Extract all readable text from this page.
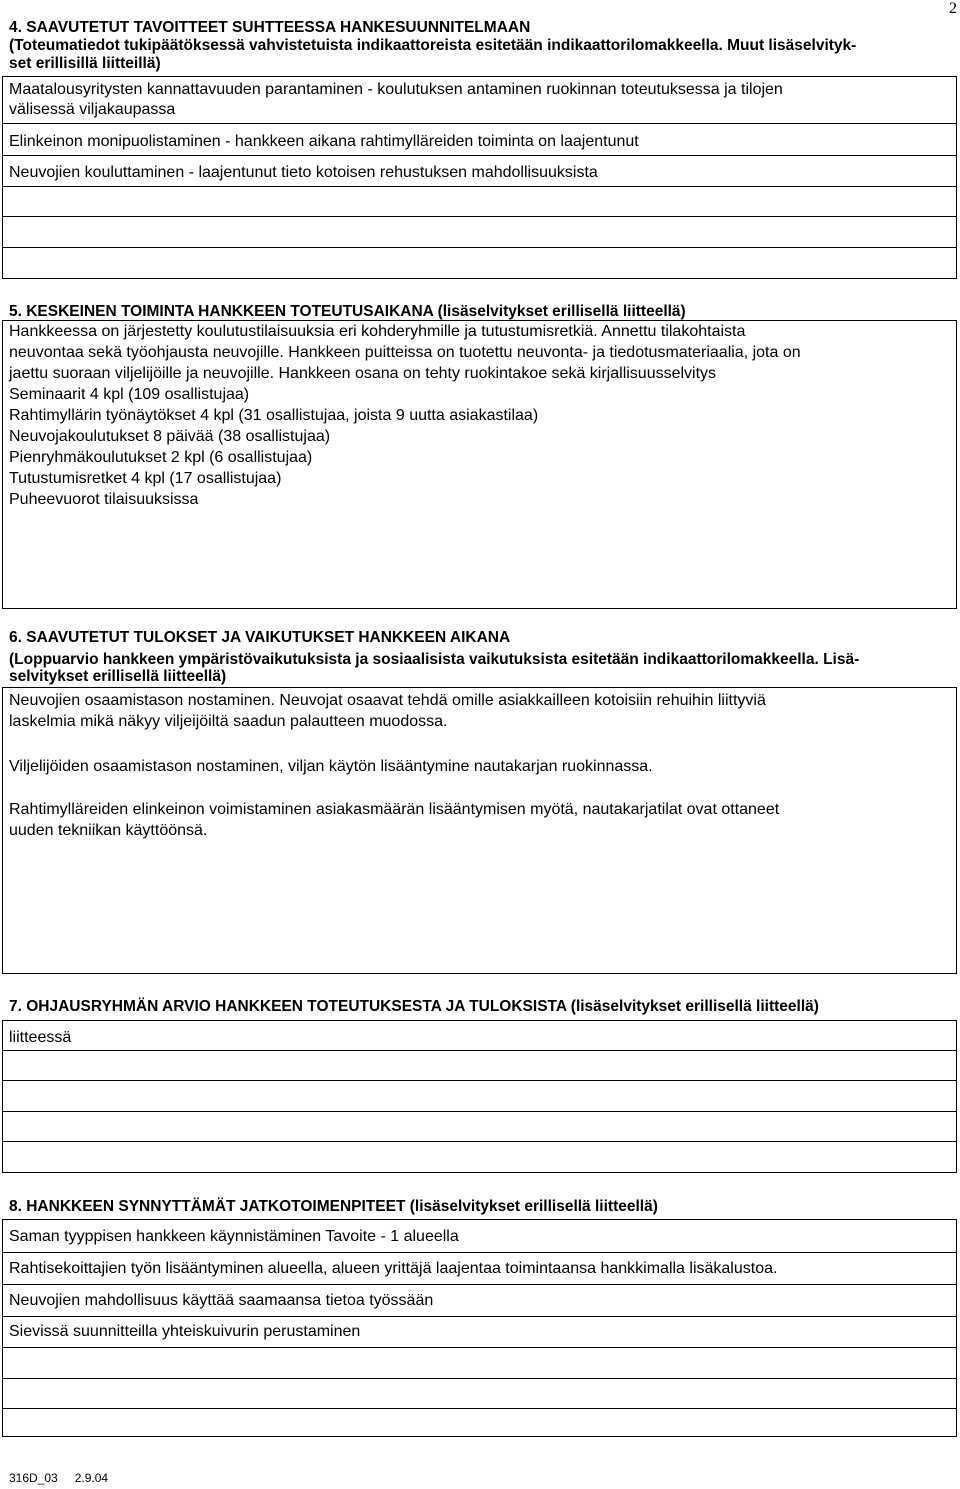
2
4. SAAVUTETUT TAVOITTEET SUHTTEESSA HANKESUUNNITELMAAN
(Toteumatiedot tukipäätöksessä vahvistetuista indikaattoreista esitetään indikaattorilomakkeella. Muut lisäselvityk-
set erillisillä liitteillä)
Maatalousyritysten kannattavuuden parantaminen - koulutuksen antaminen ruokinnan toteutuksessa ja tilojen
välisessä viljakaupassa
Elinkeinon monipuolistaminen - hankkeen aikana rahtimylläreiden toiminta on laajentunut
Neuvojien kouluttaminen - laajentunut tieto kotoisen rehustuksen mahdollisuuksista
5. KESKEINEN TOIMINTA HANKKEEN TOTEUTUSAIKANA (lisäselvitykset erillisellä liitteellä)
Hankkeessa on järjestetty koulutustilaisuuksia eri kohderyhmille ja tutustumisretkiä. Annettu tilakohtaista
neuvontaa sekä työohjausta neuvojille. Hankkeen puitteissa on tuotettu neuvonta- ja tiedotusmateriaalia, jota on
jaettu suoraan viljelijöille ja neuvojille. Hankkeen osana on tehty ruokintakoe sekä kirjallisuusselvitys
Seminaarit 4 kpl (109 osallistujaa)
Rahtimyllärin työnäytökset 4 kpl (31 osallistujaa, joista 9 uutta asiakastilaa)
Neuvojakoulutukset 8 päivää (38 osallistujaa)
Pienryhmäkoulutukset 2 kpl (6 osallistujaa)
Tutustumisretket 4 kpl (17 osallistujaa)
Puheevuorot tilaisuuksissa
6. SAAVUTETUT TULOKSET JA VAIKUTUKSET HANKKEEN AIKANA
(Loppuarvio hankkeen ympäristövaikutuksista ja sosiaalisista vaikutuksista esitetään indikaattorilomakkeella. Lisä-
selvitykset erillisellä liitteellä)
Neuvojien osaamistason nostaminen. Neuvojat osaavat tehdä omille asiakkailleen kotoisiin rehuihin liittyviä
laskelmia mikä näkyy viljeijöiltä saadun palautteen muodossa.
Viljelijöiden osaamistason nostaminen, viljan käytön lisääntymine nautakarjan ruokinnassa.
Rahtimylläreiden elinkeinon voimistaminen asiakasmäärän lisääntymisen myötä, nautakarjatilat ovat ottaneet
uuden tekniikan käyttöönsä.
7. OHJAUSRYHMÄN ARVIO HANKKEEN TOTEUTUKSESTA JA TULOKSISTA (lisäselvitykset erillisellä liitteellä)
liitteessä
8. HANKKEEN SYNNYTTÄMÄT JATKOTOIMENPITEET (lisäselvitykset erillisellä liitteellä)
Saman tyyppisen hankkeen käynnistäminen Tavoite - 1 alueella
Rahtisekoittajien työn lisääntyminen alueella, alueen yrittäjä laajentaa toimintaansa hankkimalla lisäkalustoa.
Neuvojien mahdollisuus käyttää saamaansa tietoa työssään
Sievissä suunnitteilla yhteiskuivurin perustaminen
316D_03 2.9.04
